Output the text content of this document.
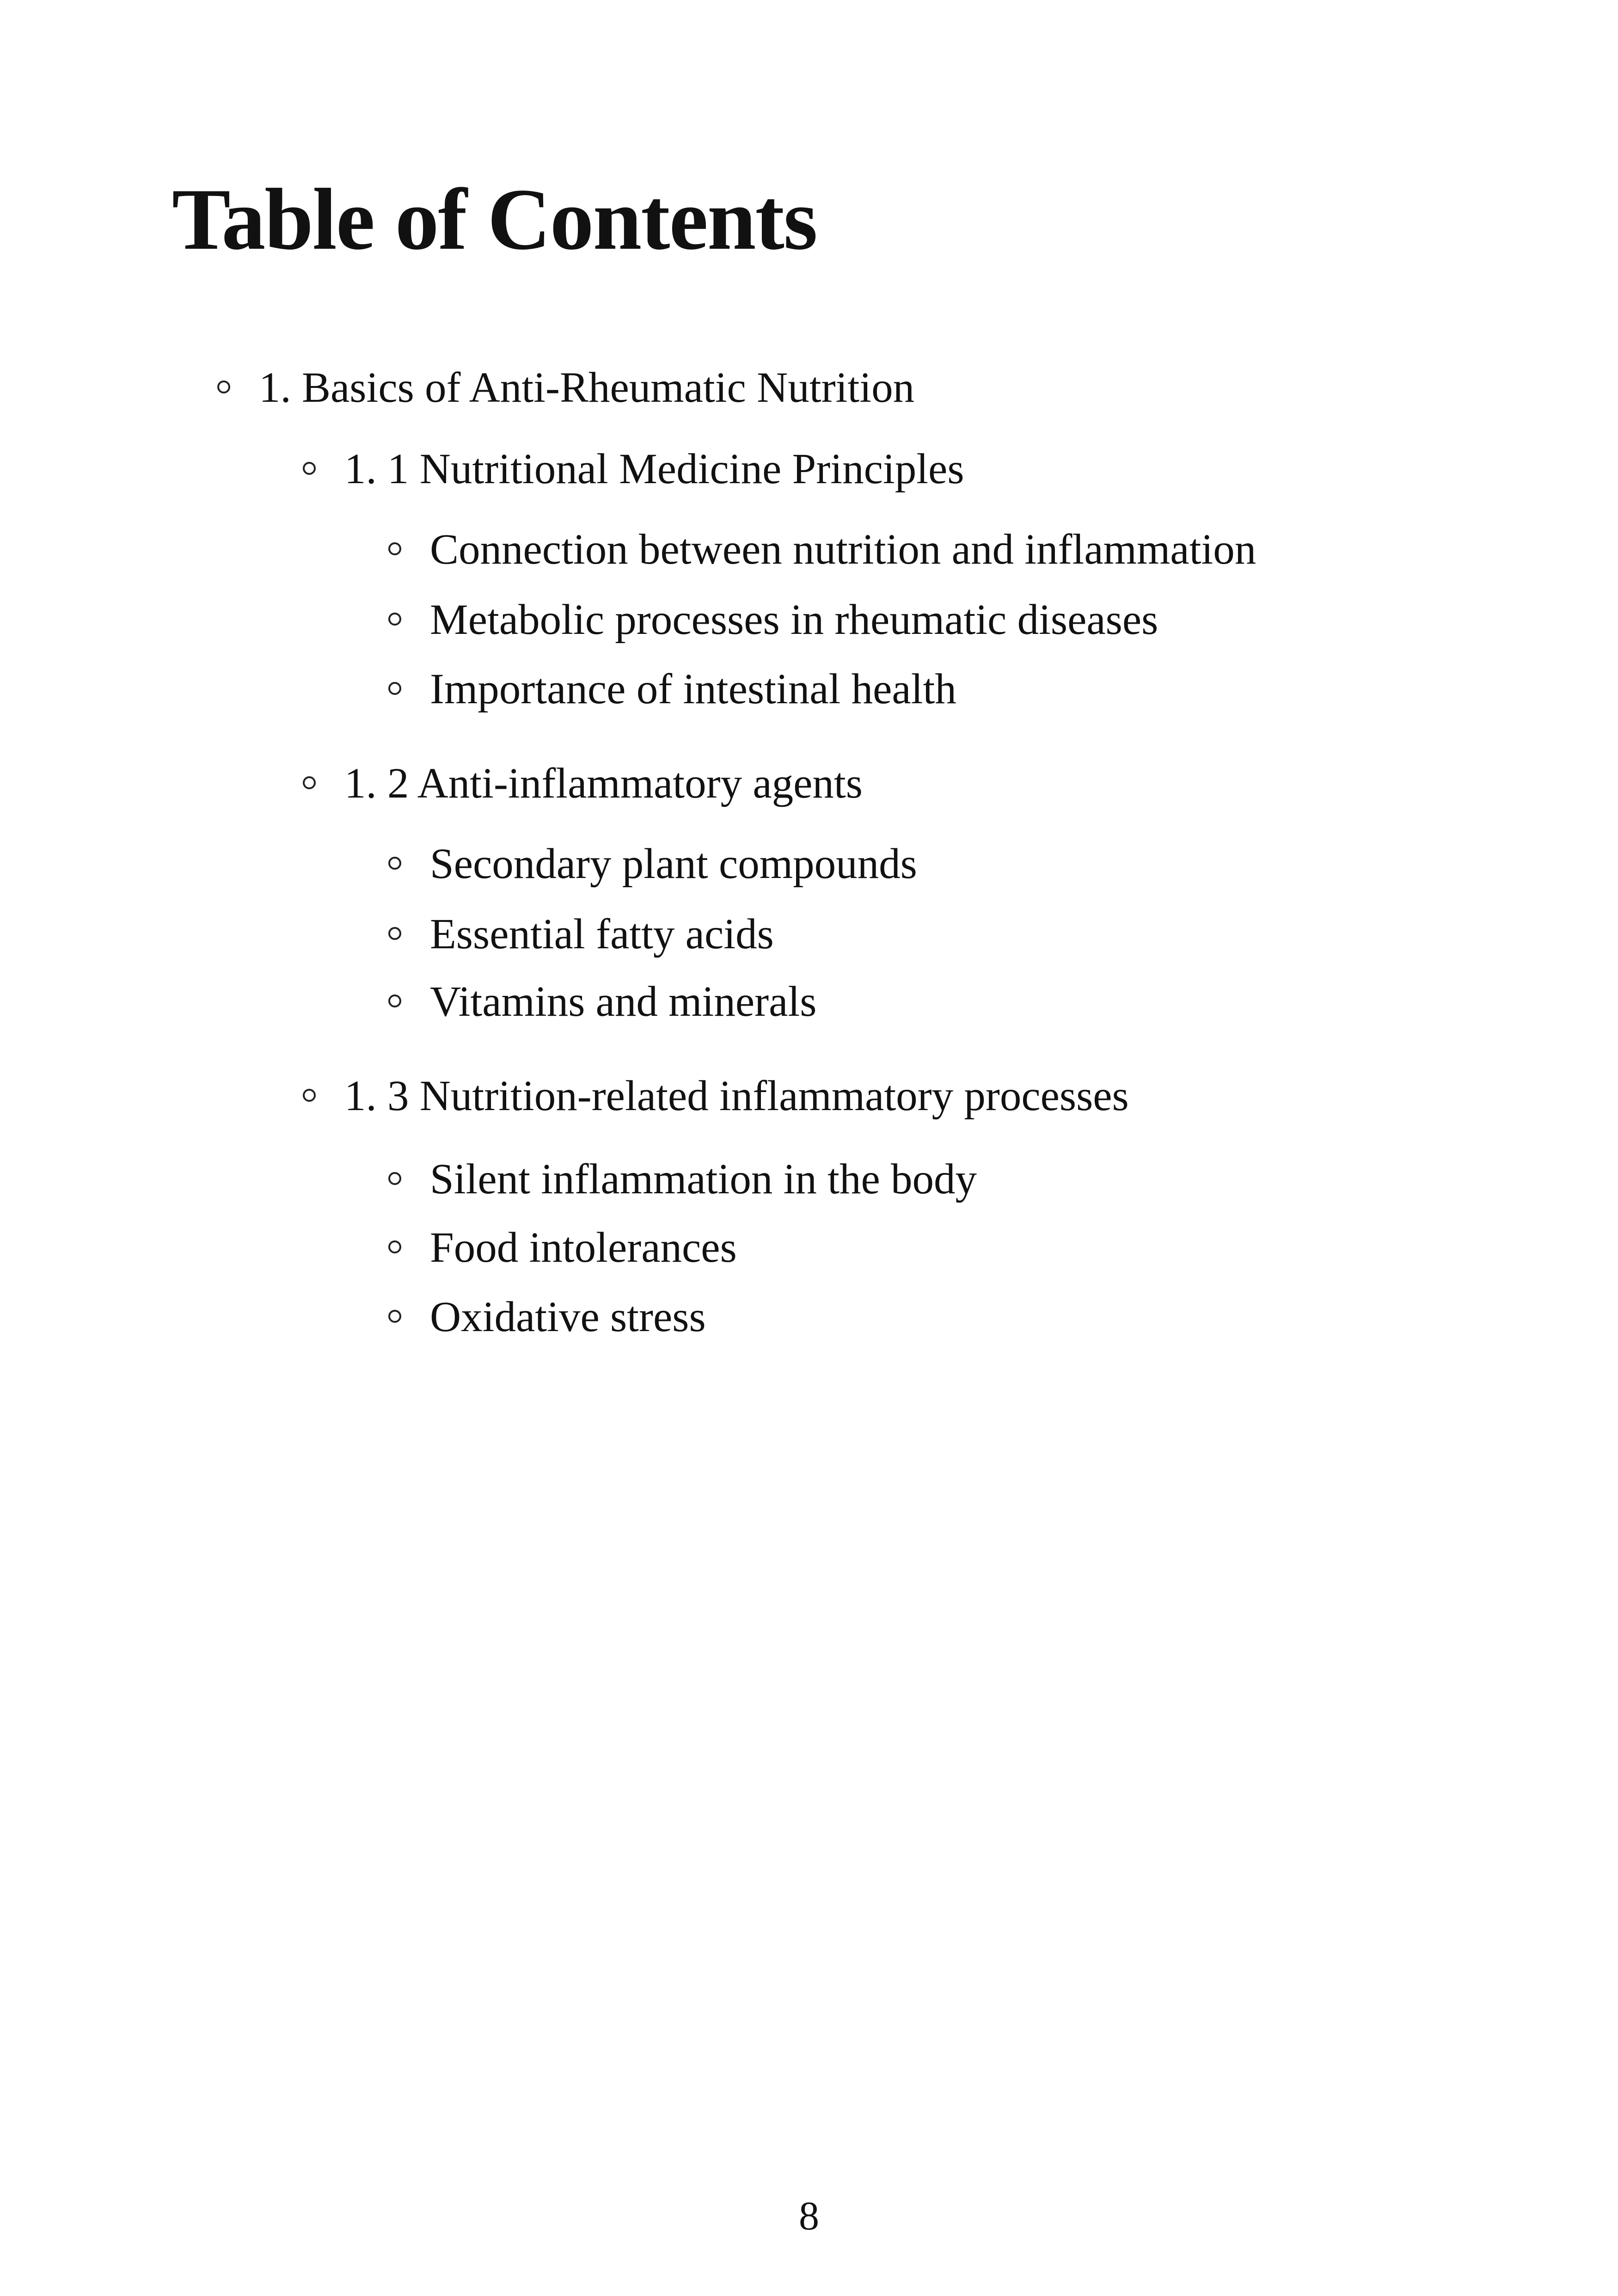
Table of Contents
1. Basics of Anti-Rheumatic Nutrition
1. 1 Nutritional Medicine Principles
Connection between nutrition and inflammation
Metabolic processes in rheumatic diseases
Importance of intestinal health
1. 2 Anti-inflammatory agents
Secondary plant compounds
Essential fatty acids
Vitamins and minerals
1. 3 Nutrition-related inflammatory processes
Silent inflammation in the body
Food intolerances
Oxidative stress
8
